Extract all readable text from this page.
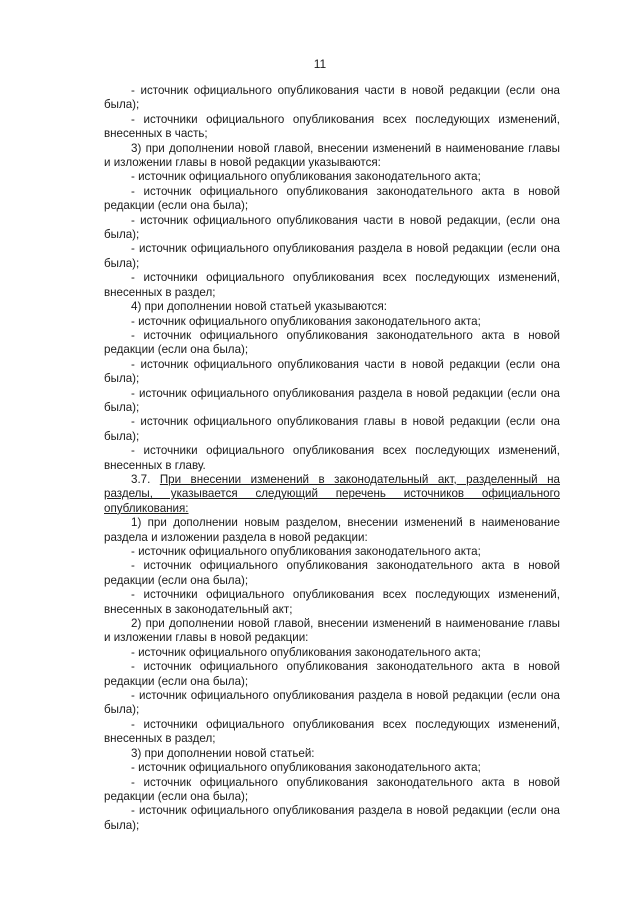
11

- источник официального опубликования части в новой редакции (если она была);

- источники официального опубликования всех последующих изменений, внесенных в часть;

3) при дополнении новой главой, внесении изменений в наименование главы и изложении главы в новой редакции указываются:

- источник официального опубликования законодательного акта;

- источник официального опубликования законодательного акта в новой редакции (если она была);

- источник официального опубликования части в новой редакции, (если она была);

- источник официального опубликования раздела в новой редакции (если она была);

- источники официального опубликования всех последующих изменений, внесенных в раздел;

4) при дополнении новой статьей указываются:

- источник официального опубликования законодательного акта;

- источник официального опубликования законодательного акта в новой редакции (если она была);

- источник официального опубликования части в новой редакции (если она была);

- источник официального опубликования раздела в новой редакции (если она была);

- источник официального опубликования главы в новой редакции (если она была);

- источники официального опубликования всех последующих изменений, внесенных в главу.

3.7. При внесении изменений в законодательный акт, разделенный на разделы, указывается следующий перечень источников официального опубликования:

1) при дополнении новым разделом, внесении изменений в наименование раздела и изложении раздела в новой редакции:

- источник официального опубликования законодательного акта;

- источник официального опубликования законодательного акта в новой редакции (если она была);

- источники официального опубликования всех последующих изменений, внесенных в законодательный акт;

2) при дополнении новой главой, внесении изменений в наименование главы и изложении главы в новой редакции:

- источник официального опубликования законодательного акта;

- источник официального опубликования законодательного акта в новой редакции (если она была);

- источник официального опубликования раздела в новой редакции (если она была);

- источники официального опубликования всех последующих изменений, внесенных в раздел;

3) при дополнении новой статьей:

- источник официального опубликования законодательного акта;

- источник официального опубликования законодательного акта в новой редакции (если она была);

- источник официального опубликования раздела в новой редакции (если она была);
